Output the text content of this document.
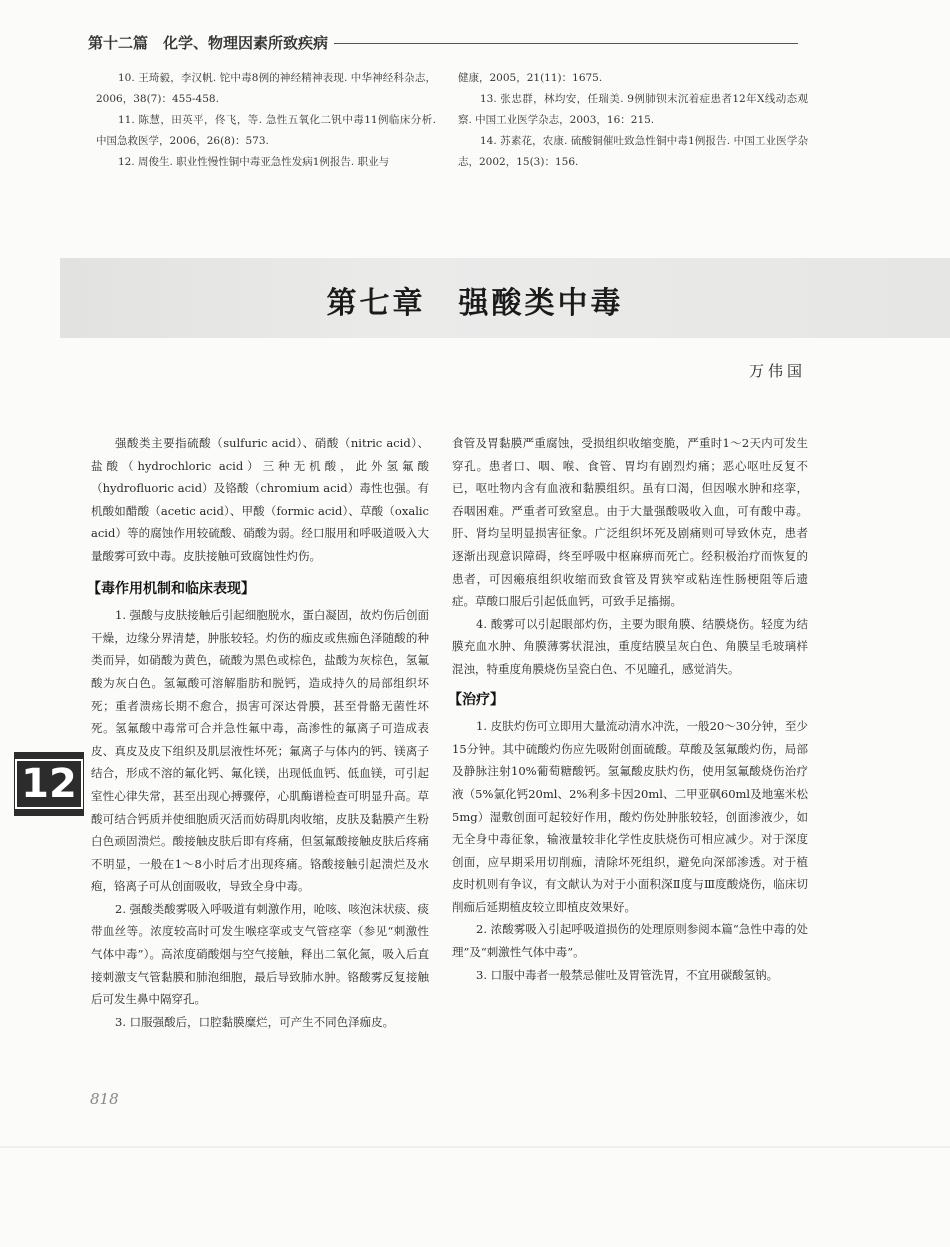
第十二篇　化学、物理因素所致疾病

10. 王琦毅，李汉帆. 铊中毒8例的神经精神表现. 中华神经科杂志，2006，38(7)：455-458.

11. 陈慧，田英平，佟飞，等. 急性五氧化二钒中毒11例临床分析. 中国急救医学，2006，26(8)：573.

12. 周俊生. 职业性慢性铜中毒亚急性发病1例报告. 职业与

健康，2005，21(11)：1675.

13. 张忠群，林均安，任瑞美. 9例肺钡末沉着症患者12年X线动态观察. 中国工业医学杂志，2003，16：215.

14. 苏素花，农康. 硫酸铜催吐致急性铜中毒1例报告. 中国工业医学杂志，2002，15(3)：156.

第七章　强酸类中毒
万伟国

强酸类主要指硫酸（sulfuric acid）、硝酸（nitric acid）、盐酸（hydrochloric acid）三种无机酸，此外氢氟酸（hydrofluoric acid）及铬酸（chromium acid）毒性也强。有机酸如醋酸（acetic acid）、甲酸（formic acid）、草酸（oxalic acid）等的腐蚀作用较硫酸、硝酸为弱。经口服用和呼吸道吸入大量酸雾可致中毒。皮肤接触可致腐蚀性灼伤。

【毒作用机制和临床表现】

1. 强酸与皮肤接触后引起细胞脱水，蛋白凝固，故灼伤后创面干燥，边缘分界清楚，肿胀较轻。灼伤的痂皮或焦痂色泽随酸的种类而异，如硝酸为黄色，硫酸为黑色或棕色，盐酸为灰棕色，氢氟酸为灰白色。氢氟酸可溶解脂肪和脱钙，造成持久的局部组织坏死；重者溃疡长期不愈合，损害可深达骨膜，甚至骨骼无菌性坏死。氢氟酸中毒常可合并急性氟中毒，高渗性的氟离子可造成表皮、真皮及皮下组织及肌层液性坏死；氟离子与体内的钙、镁离子结合，形成不溶的氟化钙、氟化镁，出现低血钙、低血镁，可引起室性心律失常，甚至出现心搏骤停，心肌酶谱检查可明显升高。草酸可结合钙质并使细胞质灭活而妨碍肌肉收缩，皮肤及黏膜产生粉白色顽固溃烂。酸接触皮肤后即有疼痛，但氢氟酸接触皮肤后疼痛不明显，一般在1～8小时后才出现疼痛。铬酸接触引起溃烂及水疱，铬离子可从创面吸收，导致全身中毒。

2. 强酸类酸雾吸入呼吸道有刺激作用，呛咳、咳泡沫状痰、痰带血丝等。浓度较高时可发生喉痉挛或支气管痉挛（参见“刺激性气体中毒”）。高浓度硝酸烟与空气接触，释出二氧化氮，吸入后直接刺激支气管黏膜和肺泡细胞，最后导致肺水肿。铬酸雾反复接触后可发生鼻中隔穿孔。

3. 口服强酸后，口腔黏膜糜烂，可产生不同色泽痂皮。

食管及胃黏膜严重腐蚀，受损组织收缩变脆，严重时1～2天内可发生穿孔。患者口、咽、喉、食管、胃均有剧烈灼痛；恶心呕吐反复不已，呕吐物内含有血液和黏膜组织。虽有口渴，但因喉水肿和痉挛，吞咽困难。严重者可致窒息。由于大量强酸吸收入血，可有酸中毒。肝、肾均呈明显损害征象。广泛组织坏死及剧痛则可导致休克，患者逐渐出现意识障碍，终至呼吸中枢麻痹而死亡。经积极治疗而恢复的患者，可因瘢痕组织收缩而致食管及胃狭窄或粘连性肠梗阻等后遗症。草酸口服后引起低血钙，可致手足搐搦。

4. 酸雾可以引起眼部灼伤，主要为眼角膜、结膜烧伤。轻度为结膜充血水肿、角膜薄雾状混浊，重度结膜呈灰白色、角膜呈毛玻璃样混浊，特重度角膜烧伤呈瓷白色、不见瞳孔，感觉消失。

【治疗】

1. 皮肤灼伤可立即用大量流动清水冲洗，一般20～30分钟，至少15分钟。其中硫酸灼伤应先吸附创面硫酸。草酸及氢氟酸灼伤，局部及静脉注射10%葡萄糖酸钙。氢氟酸皮肤灼伤，使用氢氟酸烧伤治疗液（5%氯化钙20ml、2%利多卡因20ml、二甲亚砜60ml及地塞米松5mg）湿敷创面可起较好作用，酸灼伤处肿胀较轻，创面渗液少，如无全身中毒征象，输液量较非化学性皮肤烧伤可相应减少。对于深度创面，应早期采用切削痂，清除坏死组织，避免向深部渗透。对于植皮时机则有争议，有文献认为对于小面积深Ⅱ度与Ⅲ度酸烧伤，临床切削痂后延期植皮较立即植皮效果好。

2. 浓酸雾吸入引起呼吸道损伤的处理原则参阅本篇“急性中毒的处理”及“刺激性气体中毒”。

3. 口服中毒者一般禁忌催吐及胃管洗胃，不宜用碳酸氢钠。

12
818
